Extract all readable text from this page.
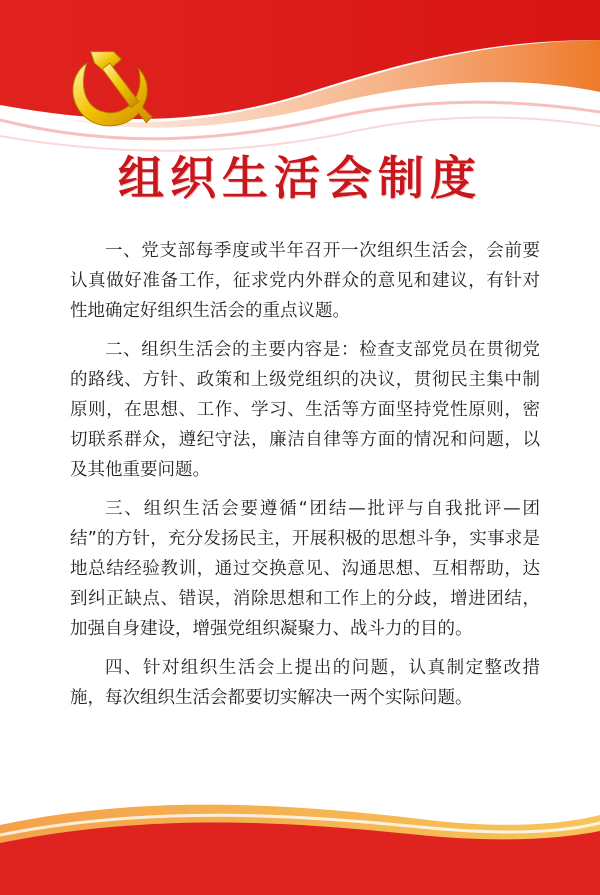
组织生活会制度

一、党支部每季度或半年召开一次组织生活会，会前要认真做好准备工作，征求党内外群众的意见和建议，有针对性地确定好组织生活会的重点议题。

二、组织生活会的主要内容是：检查支部党员在贯彻党的路线、方针、政策和上级党组织的决议，贯彻民主集中制原则，在思想、工作、学习、生活等方面坚持党性原则，密切联系群众，遵纪守法，廉洁自律等方面的情况和问题，以及其他重要问题。

三、组织生活会要遵循“团结—批评与自我批评—团结”的方针，充分发扬民主，开展积极的思想斗争，实事求是地总结经验教训，通过交换意见、沟通思想、互相帮助，达到纠正缺点、错误，消除思想和工作上的分歧，增进团结，加强自身建设，增强党组织凝聚力、战斗力的目的。

四、针对组织生活会上提出的问题，认真制定整改措施，每次组织生活会都要切实解决一两个实际问题。
